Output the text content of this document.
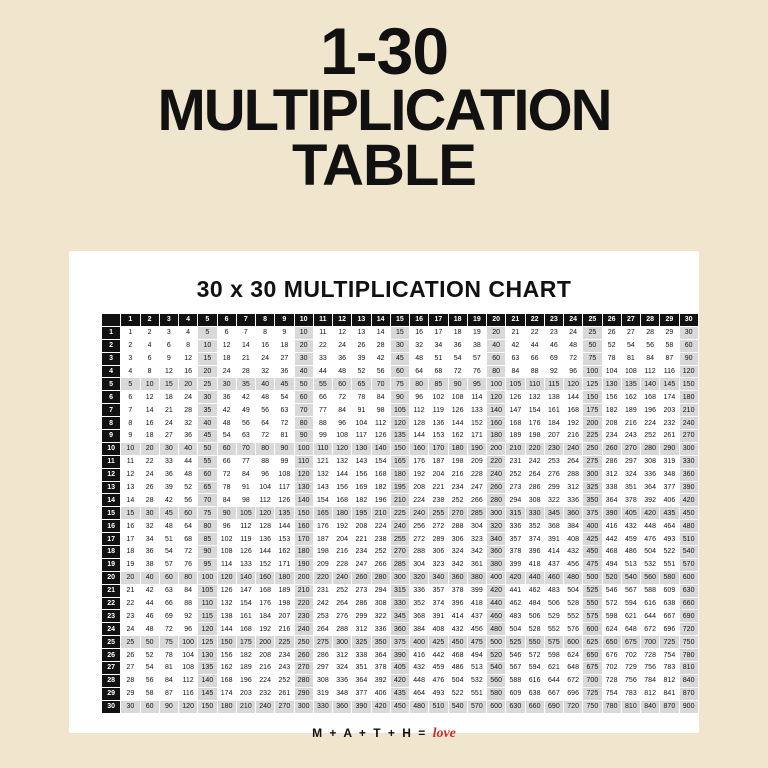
1-30
MULTIPLICATION
TABLE
30 x 30 MULTIPLICATION CHART
	1	2	3	4	5	6	7	8	9	10	11	12	13	14	15	16	17	18	19	20	21	22	23	24	25	26	27	28	29	30
1	1	2	3	4	5	6	7	8	9	10	11	12	13	14	15	16	17	18	19	20	21	22	23	24	25	26	27	28	29	30
2	2	4	6	8	10	12	14	16	18	20	22	24	26	28	30	32	34	36	38	40	42	44	46	48	50	52	54	56	58	60
3	3	6	9	12	15	18	21	24	27	30	33	36	39	42	45	48	51	54	57	60	63	66	69	72	75	78	81	84	87	90
4	4	8	12	16	20	24	28	32	36	40	44	48	52	56	60	64	68	72	76	80	84	88	92	96	100	104	108	112	116	120
5	5	10	15	20	25	30	35	40	45	50	55	60	65	70	75	80	85	90	95	100	105	110	115	120	125	130	135	140	145	150
6	6	12	18	24	30	36	42	48	54	60	66	72	78	84	90	96	102	108	114	120	126	132	138	144	150	156	162	168	174	180
7	7	14	21	28	35	42	49	56	63	70	77	84	91	98	105	112	119	126	133	140	147	154	161	168	175	182	189	196	203	210
8	8	16	24	32	40	48	56	64	72	80	88	96	104	112	120	128	136	144	152	160	168	176	184	192	200	208	216	224	232	240
9	9	18	27	36	45	54	63	72	81	90	99	108	117	126	135	144	153	162	171	180	189	198	207	216	225	234	243	252	261	270
10	10	20	30	40	50	60	70	80	90	100	110	120	130	140	150	160	170	180	190	200	210	220	230	240	250	260	270	280	290	300
11	11	22	33	44	55	66	77	88	99	110	121	132	143	154	165	176	187	198	209	220	231	242	253	264	275	286	297	308	319	330
12	12	24	36	48	60	72	84	96	108	120	132	144	156	168	180	192	204	216	228	240	252	264	276	288	300	312	324	336	348	360
13	13	26	39	52	65	78	91	104	117	130	143	156	169	182	195	208	221	234	247	260	273	286	299	312	325	338	351	364	377	390
14	14	28	42	56	70	84	98	112	126	140	154	168	182	196	210	224	238	252	266	280	294	308	322	336	350	364	378	392	406	420
15	15	30	45	60	75	90	105	120	135	150	165	180	195	210	225	240	255	270	285	300	315	330	345	360	375	390	405	420	435	450
16	16	32	48	64	80	96	112	128	144	160	176	192	208	224	240	256	272	288	304	320	336	352	368	384	400	416	432	448	464	480
17	17	34	51	68	85	102	119	136	153	170	187	204	221	238	255	272	289	306	323	340	357	374	391	408	425	442	459	476	493	510
18	18	36	54	72	90	108	126	144	162	180	198	216	234	252	270	288	306	324	342	360	378	396	414	432	450	468	486	504	522	540
19	19	38	57	76	95	114	133	152	171	190	209	228	247	266	285	304	323	342	361	380	399	418	437	456	475	494	513	532	551	570
20	20	40	60	80	100	120	140	160	180	200	220	240	260	280	300	320	340	360	380	400	420	440	460	480	500	520	540	560	580	600
21	21	42	63	84	105	126	147	168	189	210	231	252	273	294	315	336	357	378	399	420	441	462	483	504	525	546	567	588	609	630
22	22	44	66	88	110	132	154	176	198	220	242	264	286	308	330	352	374	396	418	440	462	484	506	528	550	572	594	616	638	660
23	23	46	69	92	115	138	161	184	207	230	253	276	299	322	345	368	391	414	437	460	483	506	529	552	575	598	621	644	667	690
24	24	48	72	96	120	144	168	192	216	240	264	288	312	336	360	384	408	432	456	480	504	528	552	576	600	624	648	672	696	720
25	25	50	75	100	125	150	175	200	225	250	275	300	325	350	375	400	425	450	475	500	525	550	575	600	625	650	675	700	725	750
26	26	52	78	104	130	156	182	208	234	260	286	312	338	364	390	416	442	468	494	520	546	572	598	624	650	676	702	728	754	780
27	27	54	81	108	135	162	189	216	243	270	297	324	351	378	405	432	459	486	513	540	567	594	621	648	675	702	729	756	783	810
28	28	56	84	112	140	168	196	224	252	280	308	336	364	392	420	448	476	504	532	560	588	616	644	672	700	728	756	784	812	840
29	29	58	87	116	145	174	203	232	261	290	319	348	377	406	435	464	493	522	551	580	609	638	667	696	725	754	783	812	841	870
30	30	60	90	120	150	180	210	240	270	300	330	360	390	420	450	480	510	540	570	600	630	660	690	720	750	780	810	840	870	900
M + A + T + H = love
